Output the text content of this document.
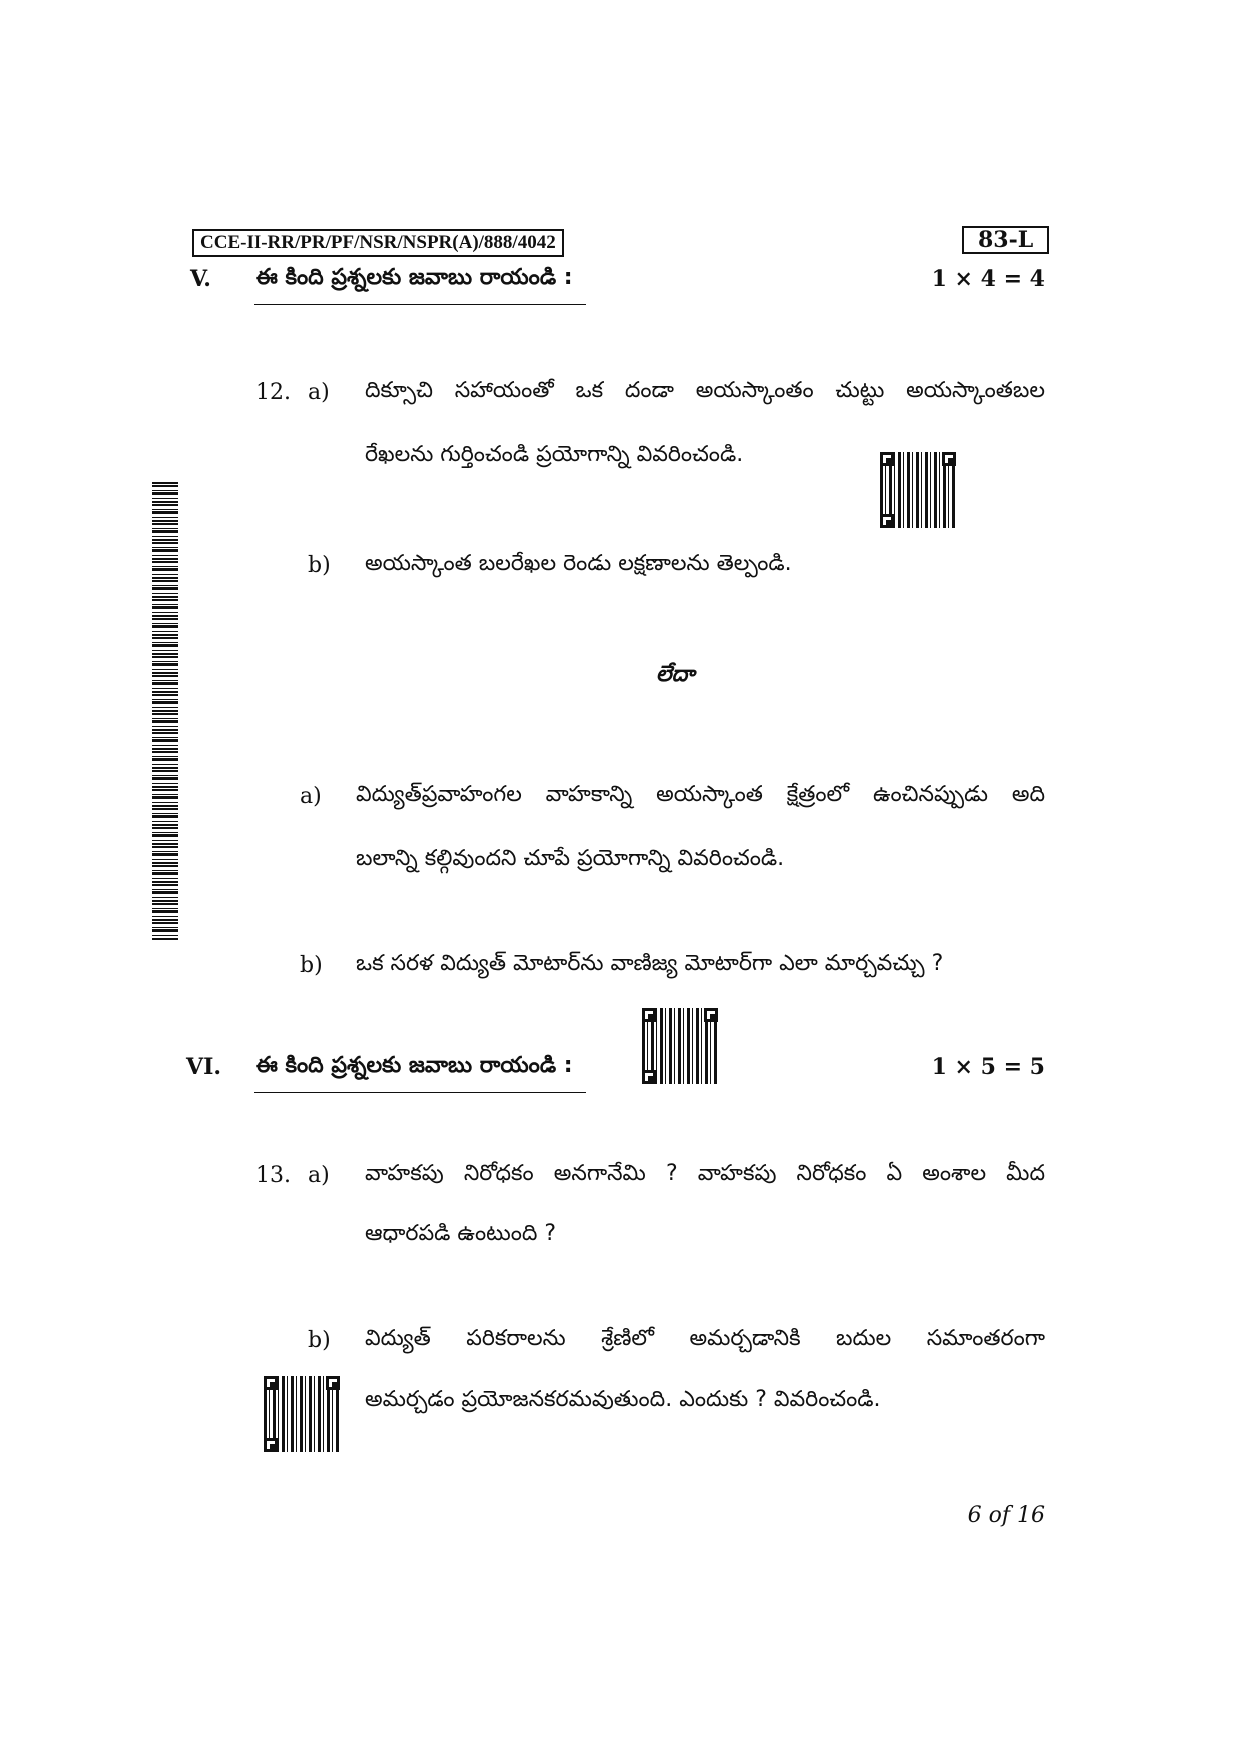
CCE-II-RR/PR/PF/NSR/NSPR(A)/888/4042	83-L
V. ఈ కింది ప్రశ్నలకు జవాబు రాయండి :	1 × 4 = 4
12. a) దిక్సూచి సహాయంతో ఒక దండా అయస్కాంతం చుట్టు అయస్కాంతబల
రేఖలను గుర్తించండి ప్రయోగాన్ని వివరించండి.
b) అయస్కాంత బలరేఖల రెండు లక్షణాలను తెల్పండి.
లేదా
a) విద్యుత్‌ప్రవాహంగల వాహకాన్ని అయస్కాంత క్షేత్రంలో ఉంచినప్పుడు అది
బలాన్ని కల్గివుందని చూపే ప్రయోగాన్ని వివరించండి.
b) ఒక సరళ విద్యుత్ మోటార్‌ను వాణిజ్య మోటార్‌గా ఎలా మార్చవచ్చు ?
VI. ఈ కింది ప్రశ్నలకు జవాబు రాయండి :	1 × 5 = 5
13. a) వాహకపు నిరోధకం అనగానేమి ? వాహకపు నిరోధకం ఏ అంశాల మీద
ఆధారపడి ఉంటుంది ?
b) విద్యుత్ పరికరాలను శ్రేణిలో అమర్చడానికి బదుల సమాంతరంగా
అమర్చడం ప్రయోజనకరమవుతుంది. ఎందుకు ? వివరించండి.
6 of 16
